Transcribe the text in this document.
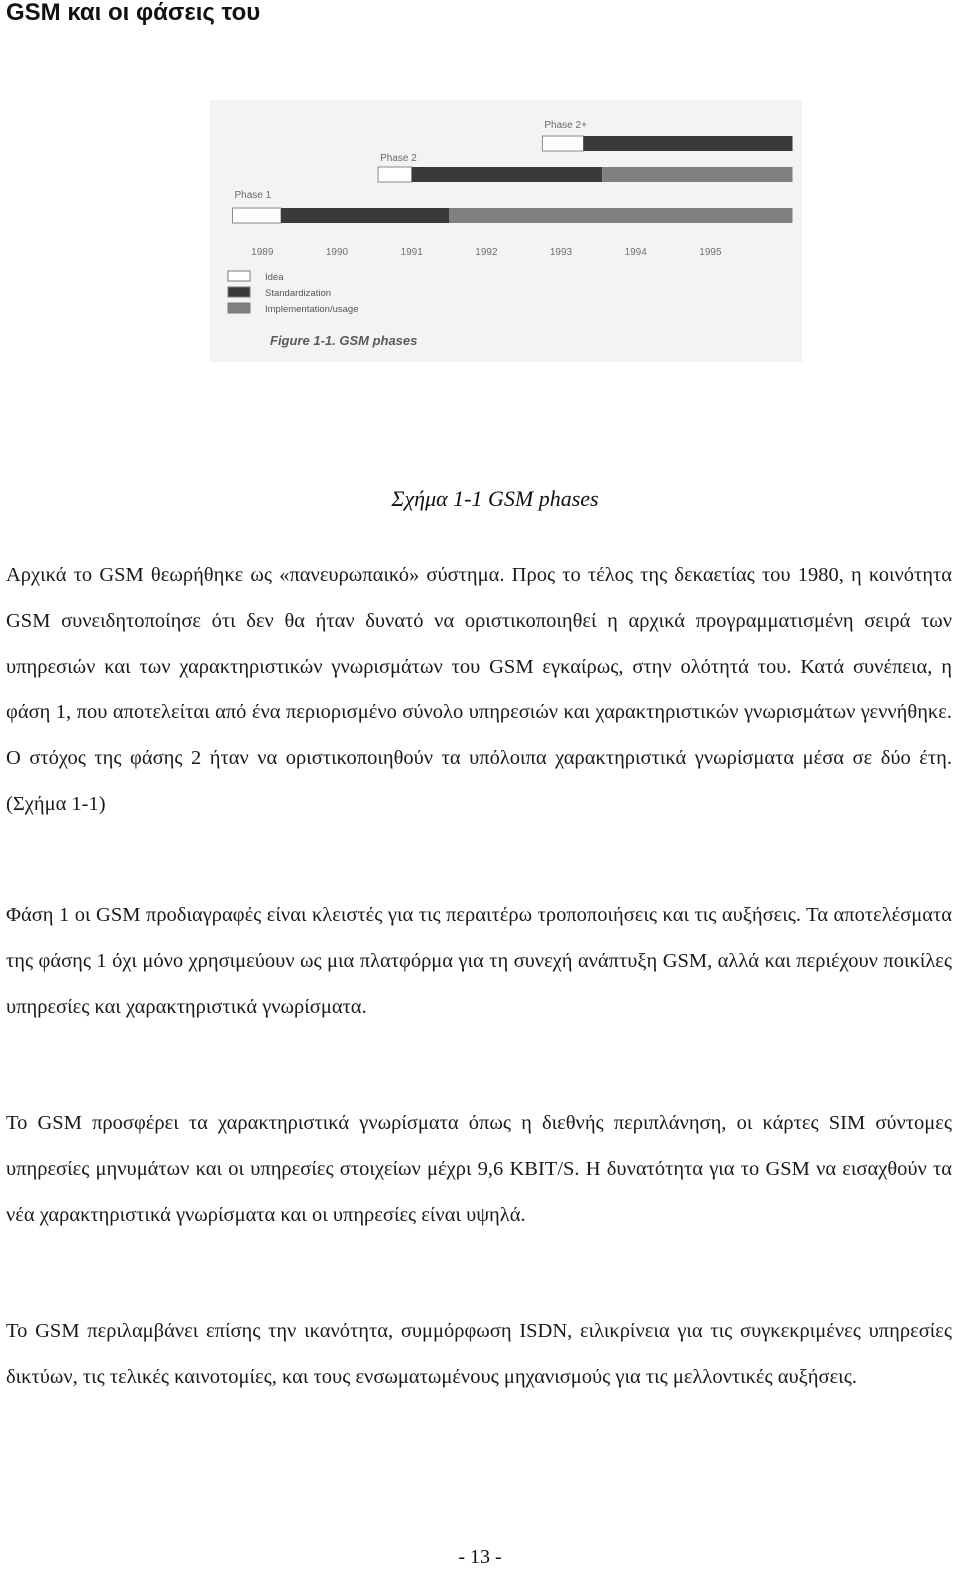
GSM και οι φάσεις του
Phase 1
Phase 2
Phase 2+
1989	1990	1991	1992	1993	1994	1995
Idea
Standardization
Implementation/usage
Figure 1-1. GSM phases

Σχήμα 1-1 GSM phases

Αρχικά το GSM θεωρήθηκε ως «πανευρωπαικό» σύστημα. Προς το τέλος της δεκαετίας του 1980, η κοινότητα GSM συνειδητοποίησε ότι δεν θα ήταν δυνατό να οριστικοποιηθεί η αρχικά προγραμματισμένη σειρά των υπηρεσιών και των χαρακτηριστικών γνωρισμάτων του GSM εγκαίρως, στην ολότητά του. Κατά συνέπεια, η φάση 1, που αποτελείται από ένα περιορισμένο σύνολο υπηρεσιών και χαρακτηριστικών γνωρισμάτων γεννήθηκε. Ο στόχος της φάσης 2 ήταν να οριστικοποιηθούν τα υπόλοιπα χαρακτηριστικά γνωρίσματα μέσα σε δύο έτη. (Σχήμα 1-1)

Φάση 1 οι GSM προδιαγραφές είναι κλειστές για τις περαιτέρω τροποποιήσεις και τις αυξήσεις. Τα αποτελέσματα της φάσης 1 όχι μόνο χρησιμεύουν ως μια πλατφόρμα για τη συνεχή ανάπτυξη GSM, αλλά και περιέχουν ποικίλες υπηρεσίες και χαρακτηριστικά γνωρίσματα.

Το GSM προσφέρει τα χαρακτηριστικά γνωρίσματα όπως η διεθνής περιπλάνηση, οι κάρτες SIM σύντομες υπηρεσίες μηνυμάτων και οι υπηρεσίες στοιχείων μέχρι 9,6 KBIT/S. Η δυνατότητα για το GSM να εισαχθούν τα νέα χαρακτηριστικά γνωρίσματα και οι υπηρεσίες είναι υψηλά.

Το GSM περιλαμβάνει επίσης την ικανότητα, συμμόρφωση ISDN, ειλικρίνεια για τις συγκεκριμένες υπηρεσίες δικτύων, τις τελικές καινοτομίες, και τους ενσωματωμένους μηχανισμούς για τις μελλοντικές αυξήσεις.

- 13 -
